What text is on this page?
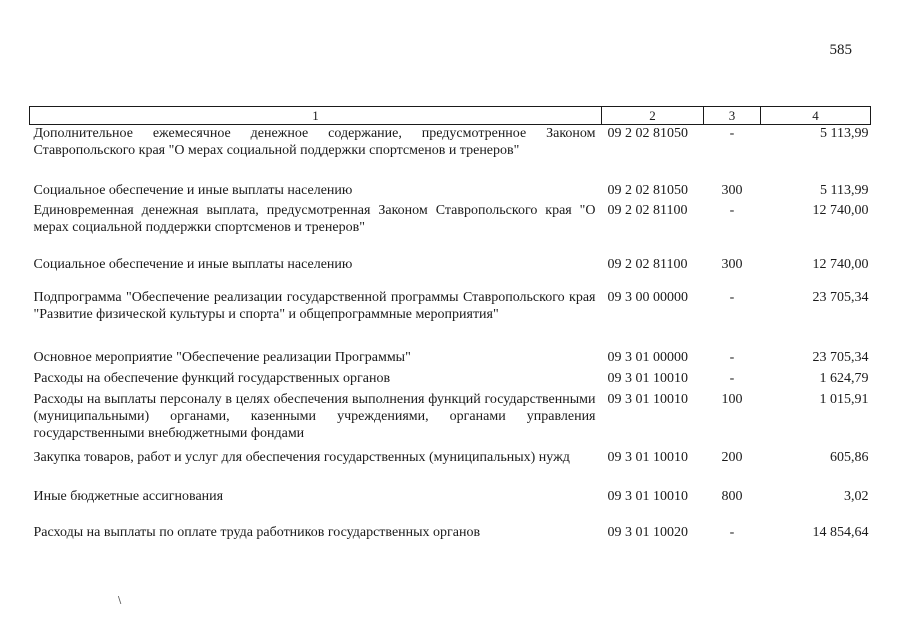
585
1	2	3	4
Дополнительное ежемесячное денежное содержание, предусмотренное Законом Ставропольского края "О мерах социальной поддержки спортсменов и тренеров"	09 2 02 81050	-	5 113,99
Социальное обеспечение и иные выплаты населению	09 2 02 81050	300	5 113,99
Единовременная денежная выплата, предусмотренная Законом Ставропольского края "О мерах социальной поддержки спортсменов и тренеров"	09 2 02 81100	-	12 740,00
Социальное обеспечение и иные выплаты населению	09 2 02 81100	300	12 740,00
Подпрограмма "Обеспечение реализации государственной программы Ставропольского края "Развитие физической культуры и спорта" и общепрограммные мероприятия"	09 3 00 00000	-	23 705,34
Основное мероприятие "Обеспечение реализации Программы"	09 3 01 00000	-	23 705,34
Расходы на обеспечение функций государственных органов	09 3 01 10010	-	1 624,79
Расходы на выплаты персоналу в целях обеспечения выполнения функций государственными (муниципальными) органами, казенными учреждениями, органами управления государственными внебюджетными фондами	09 3 01 10010	100	1 015,91
Закупка товаров, работ и услуг для обеспечения государственных (муниципальных) нужд	09 3 01 10010	200	605,86
Иные бюджетные ассигнования	09 3 01 10010	800	3,02
Расходы на выплаты по оплате труда работников государственных органов	09 3 01 10020	-	14 854,64
∖
